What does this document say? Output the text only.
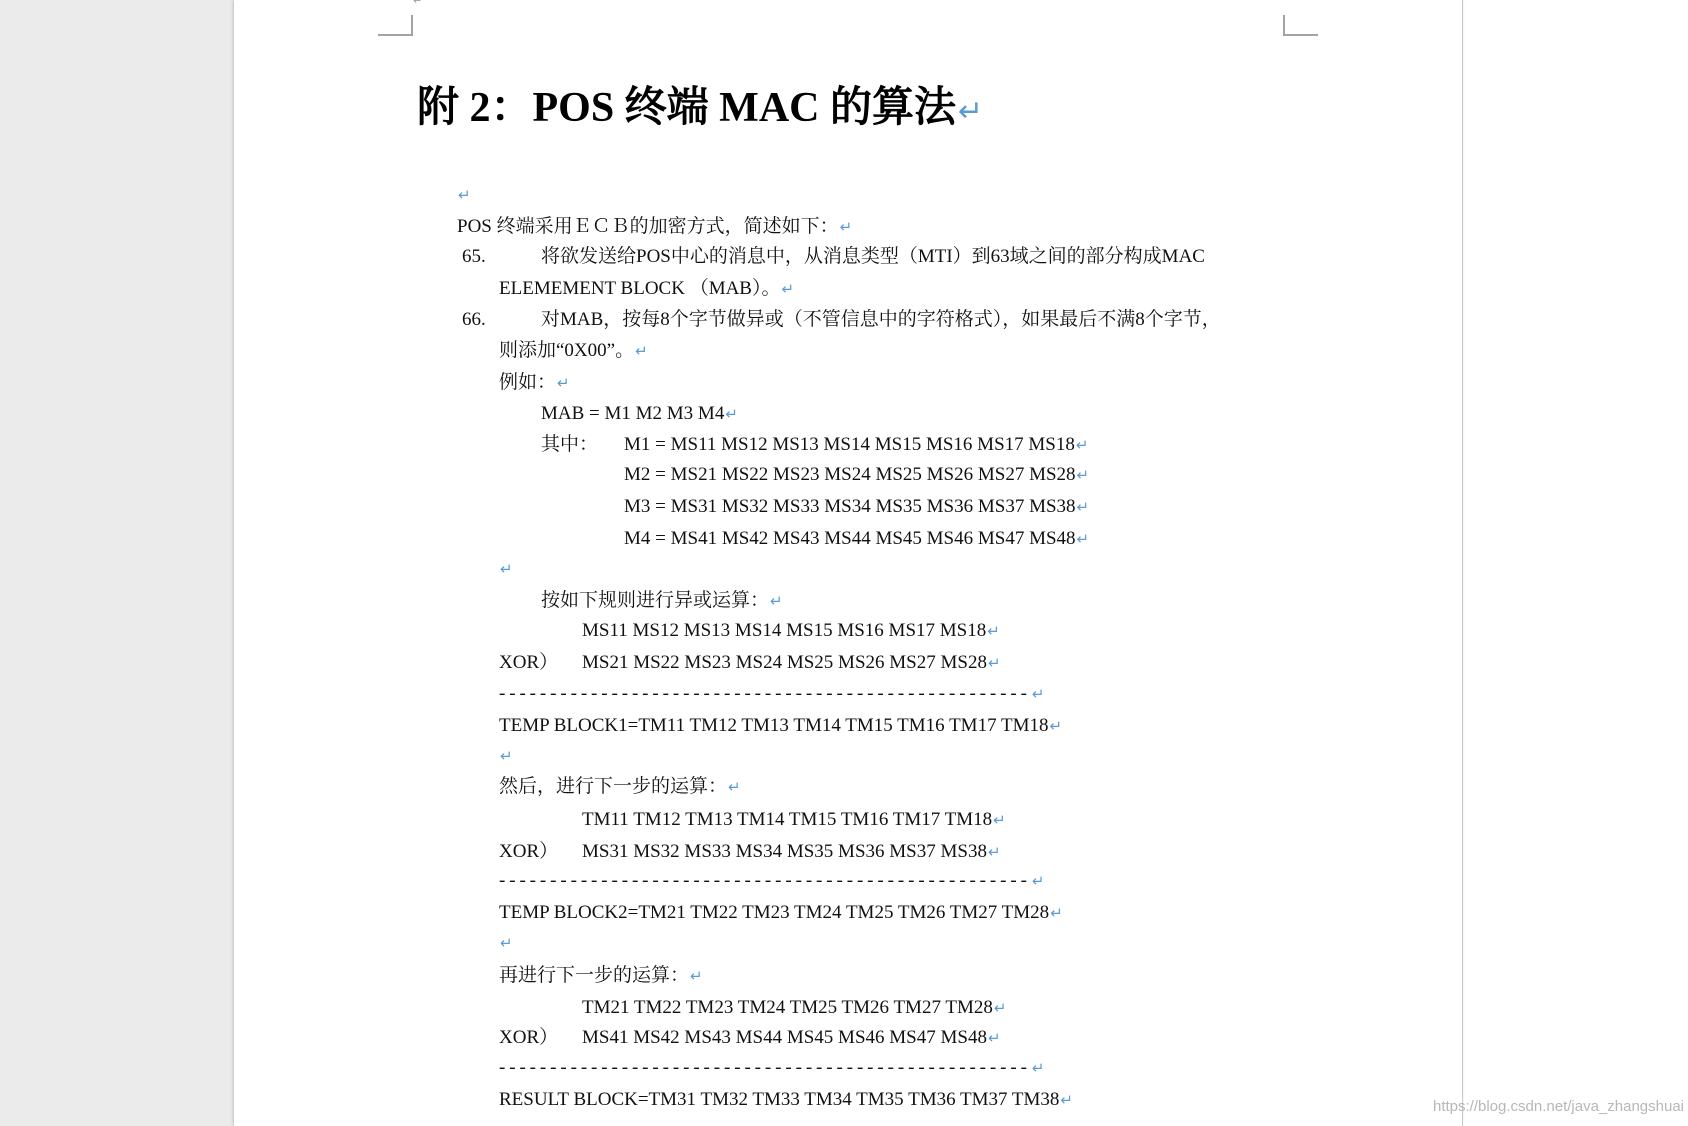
↵
附 2：POS 终端 MAC 的算法 ↵
↵
POS 终端采用ＥＣＢ的加密方式，简述如下： ↵
65.	将欲发送给POS中心的消息中，从消息类型（MTI）到63域之间的部分构成MAC
ELEMEMENT BLOCK （MAB）。 ↵
66.	对MAB，按每8个字节做异或（不管信息中的字符格式），如果最后不满8个字节，
则添加“0X00”。 ↵
例如： ↵
MAB = M1 M2 M3 M4 ↵
其中： M1 = MS11 MS12 MS13 MS14 MS15 MS16 MS17 MS18 ↵
M2 = MS21 MS22 MS23 MS24 MS25 MS26 MS27 MS28 ↵
M3 = MS31 MS32 MS33 MS34 MS35 MS36 MS37 MS38 ↵
M4 = MS41 MS42 MS43 MS44 MS45 MS46 MS47 MS48 ↵
↵
按如下规则进行异或运算： ↵
MS11 MS12 MS13 MS14 MS15 MS16 MS17 MS18 ↵
XOR） MS21 MS22 MS23 MS24 MS25 MS26 MS27 MS28 ↵
---------------------------------------------------- ↵
TEMP BLOCK1=TM11 TM12 TM13 TM14 TM15 TM16 TM17 TM18 ↵
↵
然后，进行下一步的运算： ↵
TM11 TM12 TM13 TM14 TM15 TM16 TM17 TM18 ↵
XOR） MS31 MS32 MS33 MS34 MS35 MS36 MS37 MS38 ↵
---------------------------------------------------- ↵
TEMP BLOCK2=TM21 TM22 TM23 TM24 TM25 TM26 TM27 TM28 ↵
↵
再进行下一步的运算： ↵
TM21 TM22 TM23 TM24 TM25 TM26 TM27 TM28 ↵
XOR） MS41 MS42 MS43 MS44 MS45 MS46 MS47 MS48 ↵
---------------------------------------------------- ↵
RESULT BLOCK=TM31 TM32 TM33 TM34 TM35 TM36 TM37 TM38 ↵	https://blog.csdn.net/java_zhangshuai
